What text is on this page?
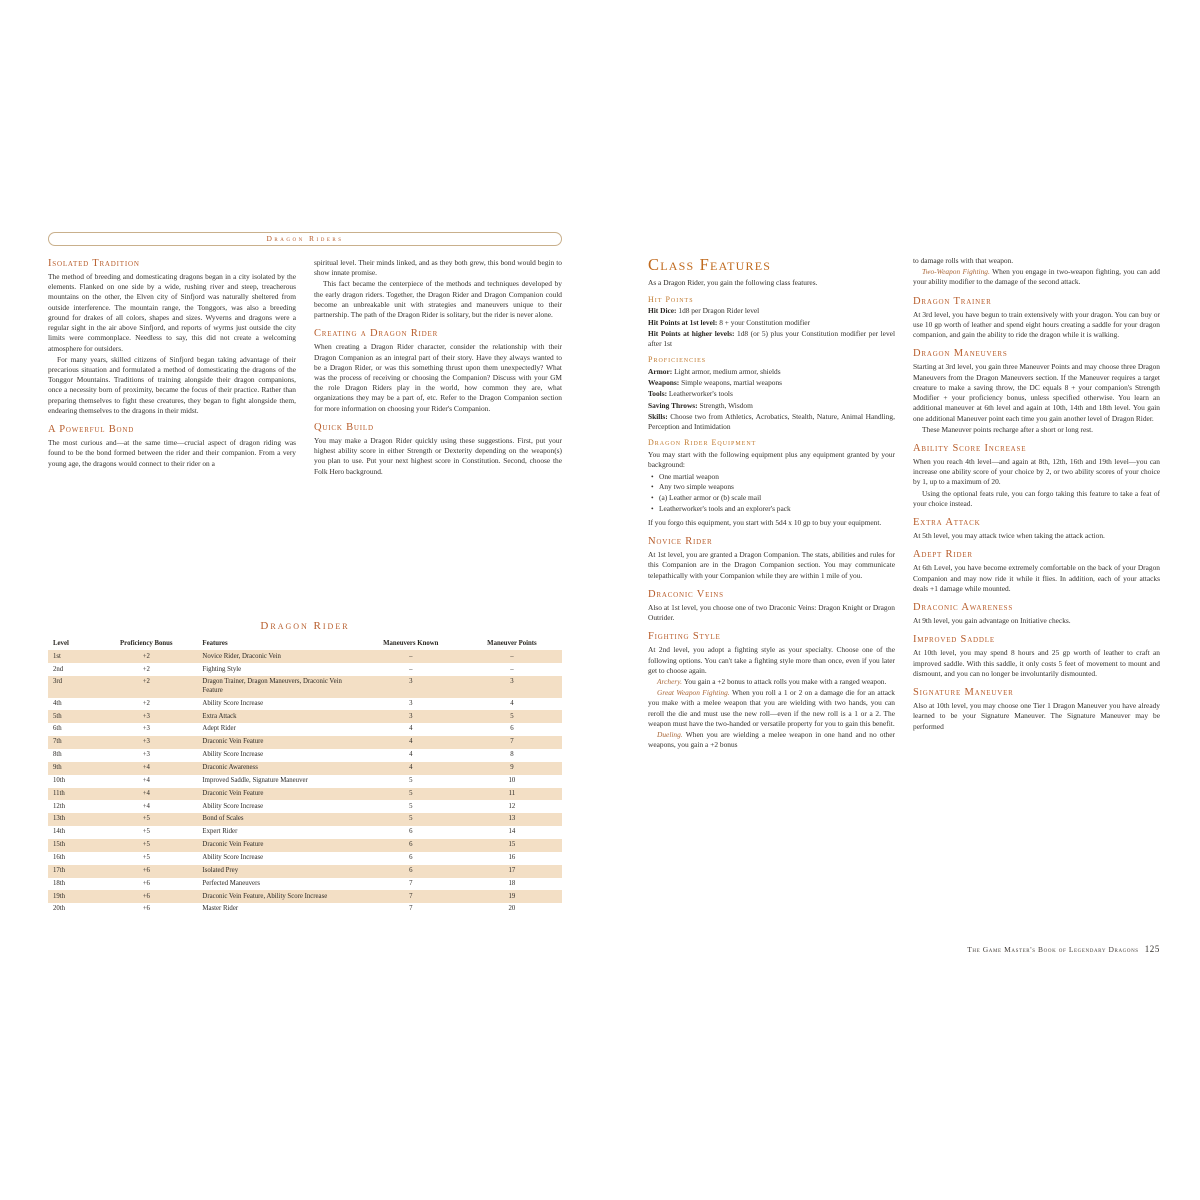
Dragon Riders
Isolated Tradition

The method of breeding and domesticating dragons began in a city isolated by the elements. Flanked on one side by a wide, rushing river and steep, treacherous mountains on the other, the Elven city of Sinfjord was naturally sheltered from outside interference. The mountain range, the Tonggors, was also a breeding ground for drakes of all colors, shapes and sizes. Wyverns and dragons were a regular sight in the air above Sinfjord, and reports of wyrms just outside the city limits were commonplace. Needless to say, this did not create a welcoming atmosphere for outsiders.

For many years, skilled citizens of Sinfjord began taking advantage of their precarious situation and formulated a method of domesticating the dragons of the Tonggor Mountains. Traditions of training alongside their dragon companions, once a necessity born of proximity, became the focus of their practice. Rather than preparing themselves to fight these creatures, they began to fight alongside them, endearing themselves to the dragons in their midst.

A Powerful Bond

The most curious and—at the same time—crucial aspect of dragon riding was found to be the bond formed between the rider and their companion. From a very young age, the dragons would connect to their rider on a

spiritual level. Their minds linked, and as they both grew, this bond would begin to show innate promise.

This fact became the centerpiece of the methods and techniques developed by the early dragon riders. Together, the Dragon Rider and Dragon Companion could become an unbreakable unit with strategies and maneuvers unique to their partnership. The path of the Dragon Rider is solitary, but the rider is never alone.

Creating a Dragon Rider

When creating a Dragon Rider character, consider the relationship with their Dragon Companion as an integral part of their story. Have they always wanted to be a Dragon Rider, or was this something thrust upon them unexpectedly? What was the process of receiving or choosing the Companion? Discuss with your GM the role Dragon Riders play in the world, how common they are, what organizations they may be a part of, etc. Refer to the Dragon Companion section for more information on choosing your Rider's Companion.

Quick Build

You may make a Dragon Rider quickly using these suggestions. First, put your highest ability score in either Strength or Dexterity depending on the weapon(s) you plan to use. Put your next highest score in Constitution. Second, choose the Folk Hero background.

Dragon Rider
Level	Proficiency Bonus	Features	Maneuvers Known	Maneuver Points
1st	+2	Novice Rider, Draconic Vein	–	–
2nd	+2	Fighting Style	–	–
3rd	+2	Dragon Trainer, Dragon Maneuvers, Draconic Vein Feature	3	3
4th	+2	Ability Score Increase	3	4
5th	+3	Extra Attack	3	5
6th	+3	Adept Rider	4	6
7th	+3	Draconic Vein Feature	4	7
8th	+3	Ability Score Increase	4	8
9th	+4	Draconic Awareness	4	9
10th	+4	Improved Saddle, Signature Maneuver	5	10
11th	+4	Draconic Vein Feature	5	11
12th	+4	Ability Score Increase	5	12
13th	+5	Bond of Scales	5	13
14th	+5	Expert Rider	6	14
15th	+5	Draconic Vein Feature	6	15
16th	+5	Ability Score Increase	6	16
17th	+6	Isolated Prey	6	17
18th	+6	Perfected Maneuvers	7	18
19th	+6	Draconic Vein Feature, Ability Score Increase	7	19
20th	+6	Master Rider	7	20
Class Features

As a Dragon Rider, you gain the following class features.

Hit Points

Hit Dice: 1d8 per Dragon Rider level

Hit Points at 1st level: 8 + your Constitution modifier

Hit Points at higher levels: 1d8 (or 5) plus your Constitution modifier per level after 1st

Proficiencies

Armor: Light armor, medium armor, shields

Weapons: Simple weapons, martial weapons

Tools: Leatherworker's tools

Saving Throws: Strength, Wisdom

Skills: Choose two from Athletics, Acrobatics, Stealth, Nature, Animal Handling, Perception and Intimidation

Dragon Rider Equipment

You may start with the following equipment plus any equipment granted by your background:

• One martial weapon
• Any two simple weapons
• (a) Leather armor or (b) scale mail
• Leatherworker's tools and an explorer's pack

If you forgo this equipment, you start with 5d4 x 10 gp to buy your equipment.

Novice Rider

At 1st level, you are granted a Dragon Companion. The stats, abilities and rules for this Companion are in the Dragon Companion section. You may communicate telepathically with your Companion while they are within 1 mile of you.

Draconic Veins

Also at 1st level, you choose one of two Draconic Veins: Dragon Knight or Dragon Outrider.

Fighting Style

At 2nd level, you adopt a fighting style as your specialty. Choose one of the following options. You can't take a fighting style more than once, even if you later get to choose again.

Archery. You gain a +2 bonus to attack rolls you make with a ranged weapon.

Great Weapon Fighting. When you roll a 1 or 2 on a damage die for an attack you make with a melee weapon that you are wielding with two hands, you can reroll the die and must use the new roll—even if the new roll is a 1 or a 2. The weapon must have the two-handed or versatile property for you to gain this benefit.

Dueling. When you are wielding a melee weapon in one hand and no other weapons, you gain a +2 bonus

to damage rolls with that weapon.

Two-Weapon Fighting. When you engage in two-weapon fighting, you can add your ability modifier to the damage of the second attack.

Dragon Trainer

At 3rd level, you have begun to train extensively with your dragon. You can buy or use 10 gp worth of leather and spend eight hours creating a saddle for your dragon companion, and gain the ability to ride the dragon while it is walking.

Dragon Maneuvers

Starting at 3rd level, you gain three Maneuver Points and may choose three Dragon Maneuvers from the Dragon Maneuvers section. If the Maneuver requires a target creature to make a saving throw, the DC equals 8 + your companion's Strength Modifier + your proficiency bonus, unless specified otherwise. You learn an additional maneuver at 6th level and again at 10th, 14th and 18th level. You gain one additional Maneuver point each time you gain another level of Dragon Rider.

These Maneuver points recharge after a short or long rest.

Ability Score Increase

When you reach 4th level—and again at 8th, 12th, 16th and 19th level—you can increase one ability score of your choice by 2, or two ability scores of your choice by 1, up to a maximum of 20.

Using the optional feats rule, you can forgo taking this feature to take a feat of your choice instead.

Extra Attack

At 5th level, you may attack twice when taking the attack action.

Adept Rider

At 6th Level, you have become extremely comfortable on the back of your Dragon Companion and may now ride it while it flies. In addition, each of your attacks deals +1 damage while mounted.

Draconic Awareness

At 9th level, you gain advantage on Initiative checks.

Improved Saddle

At 10th level, you may spend 8 hours and 25 gp worth of leather to craft an improved saddle. With this saddle, it only costs 5 feet of movement to mount and dismount, and you can no longer be involuntarily dismounted.

Signature Maneuver

Also at 10th level, you may choose one Tier 1 Dragon Maneuver you have already learned to be your Signature Maneuver. The Signature Maneuver may be performed

The Game Master's Book of Legendary Dragons 125
